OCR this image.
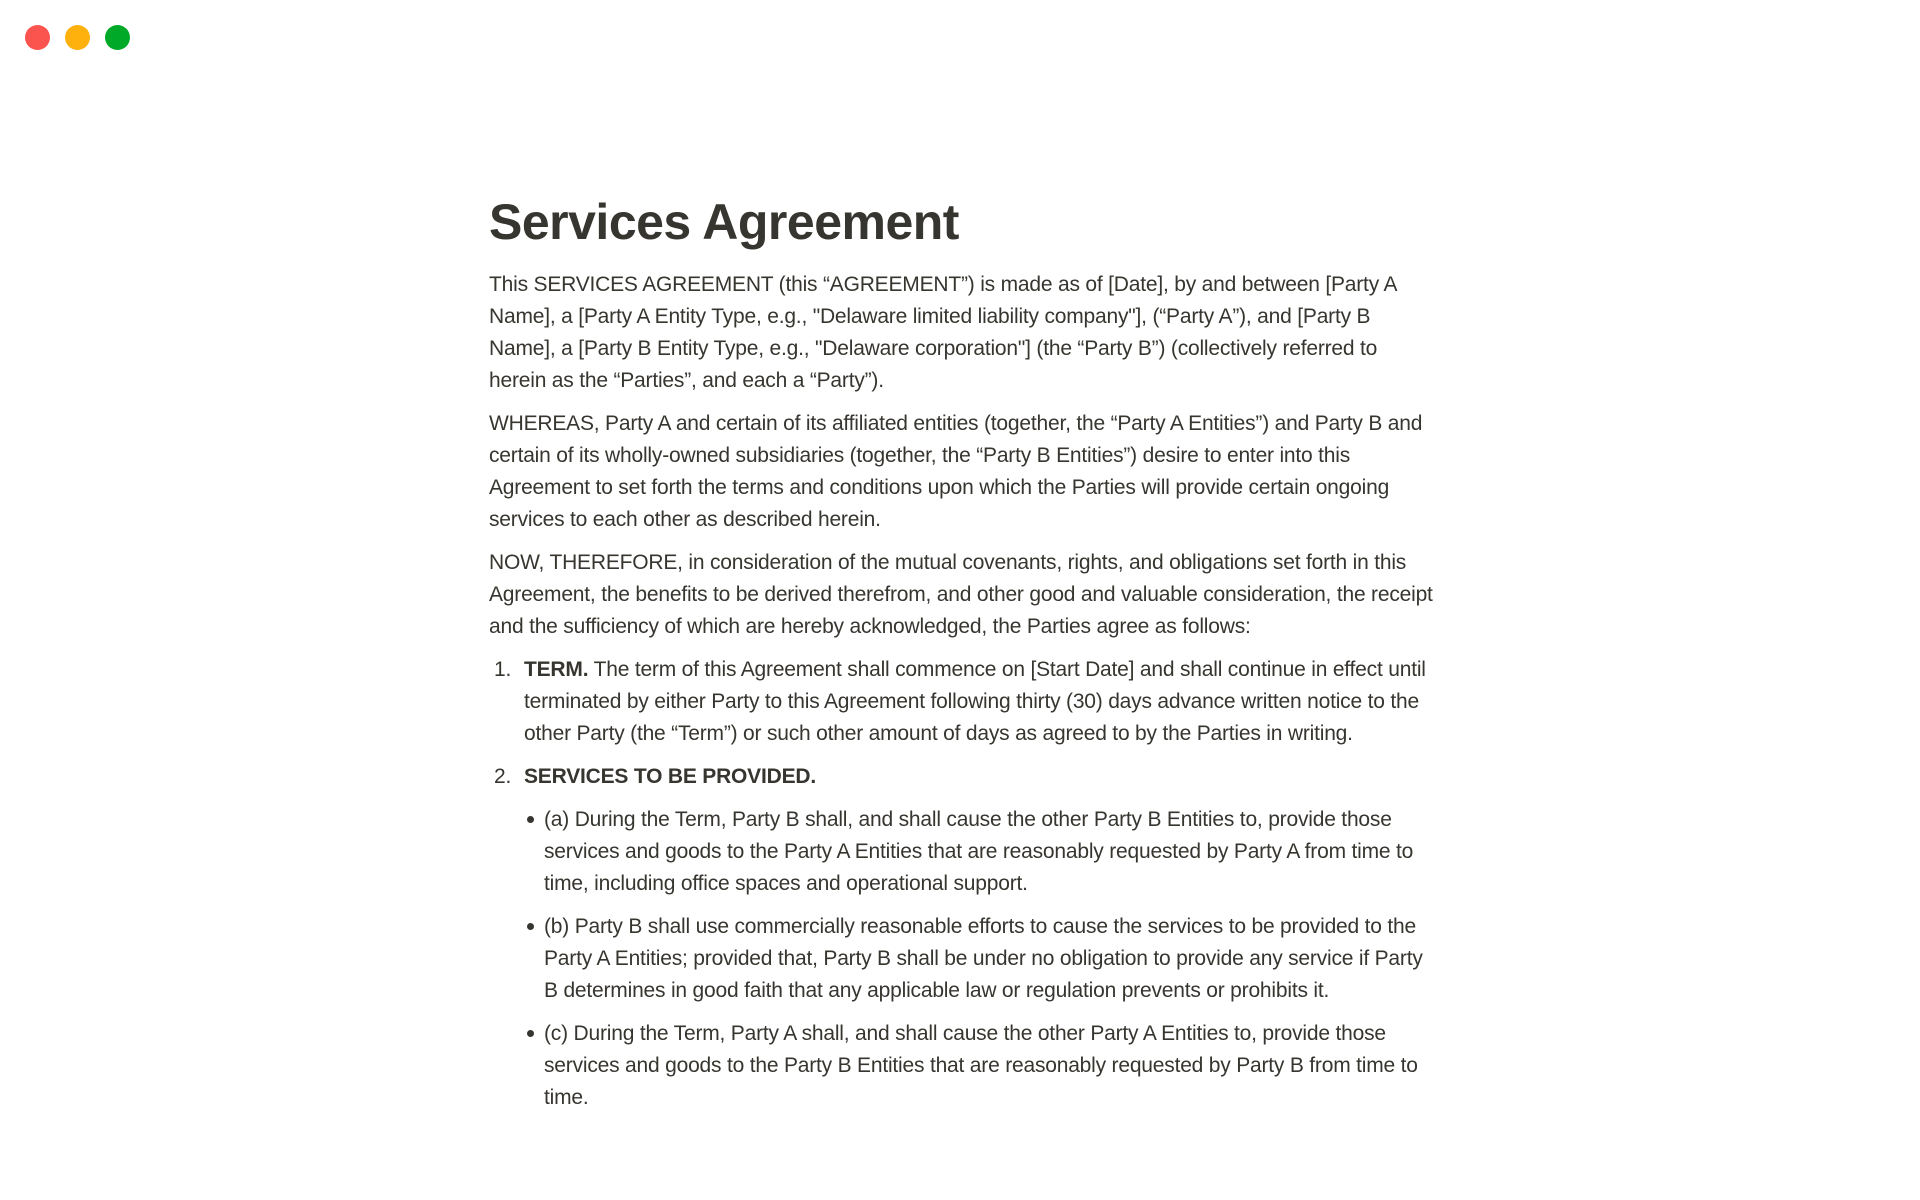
Services Agreement

This SERVICES AGREEMENT (this “AGREEMENT”) is made as of [Date], by and between [Party A Name], a [Party A Entity Type, e.g., "Delaware limited liability company"], (“Party A”), and [Party B Name], a [Party B Entity Type, e.g., "Delaware corporation"] (the “Party B”) (collectively referred to herein as the “Parties”, and each a “Party”).

WHEREAS, Party A and certain of its affiliated entities (together, the “Party A Entities”) and Party B and certain of its wholly-owned subsidiaries (together, the “Party B Entities”) desire to enter into this Agreement to set forth the terms and conditions upon which the Parties will provide certain ongoing services to each other as described herein.

NOW, THEREFORE, in consideration of the mutual covenants, rights, and obligations set forth in this Agreement, the benefits to be derived therefrom, and other good and valuable consideration, the receipt and the sufficiency of which are hereby acknowledged, the Parties agree as follows:

1. TERM. The term of this Agreement shall commence on [Start Date] and shall continue in effect until terminated by either Party to this Agreement following thirty (30) days advance written notice to the other Party (the “Term”) or such other amount of days as agreed to by the Parties in writing.
2. SERVICES TO BE PROVIDED.
(a) During the Term, Party B shall, and shall cause the other Party B Entities to, provide those services and goods to the Party A Entities that are reasonably requested by Party A from time to time, including office spaces and operational support.
(b) Party B shall use commercially reasonable efforts to cause the services to be provided to the Party A Entities; provided that, Party B shall be under no obligation to provide any service if Party B determines in good faith that any applicable law or regulation prevents or prohibits it.
(c) During the Term, Party A shall, and shall cause the other Party A Entities to, provide those services and goods to the Party B Entities that are reasonably requested by Party B from time to time.
